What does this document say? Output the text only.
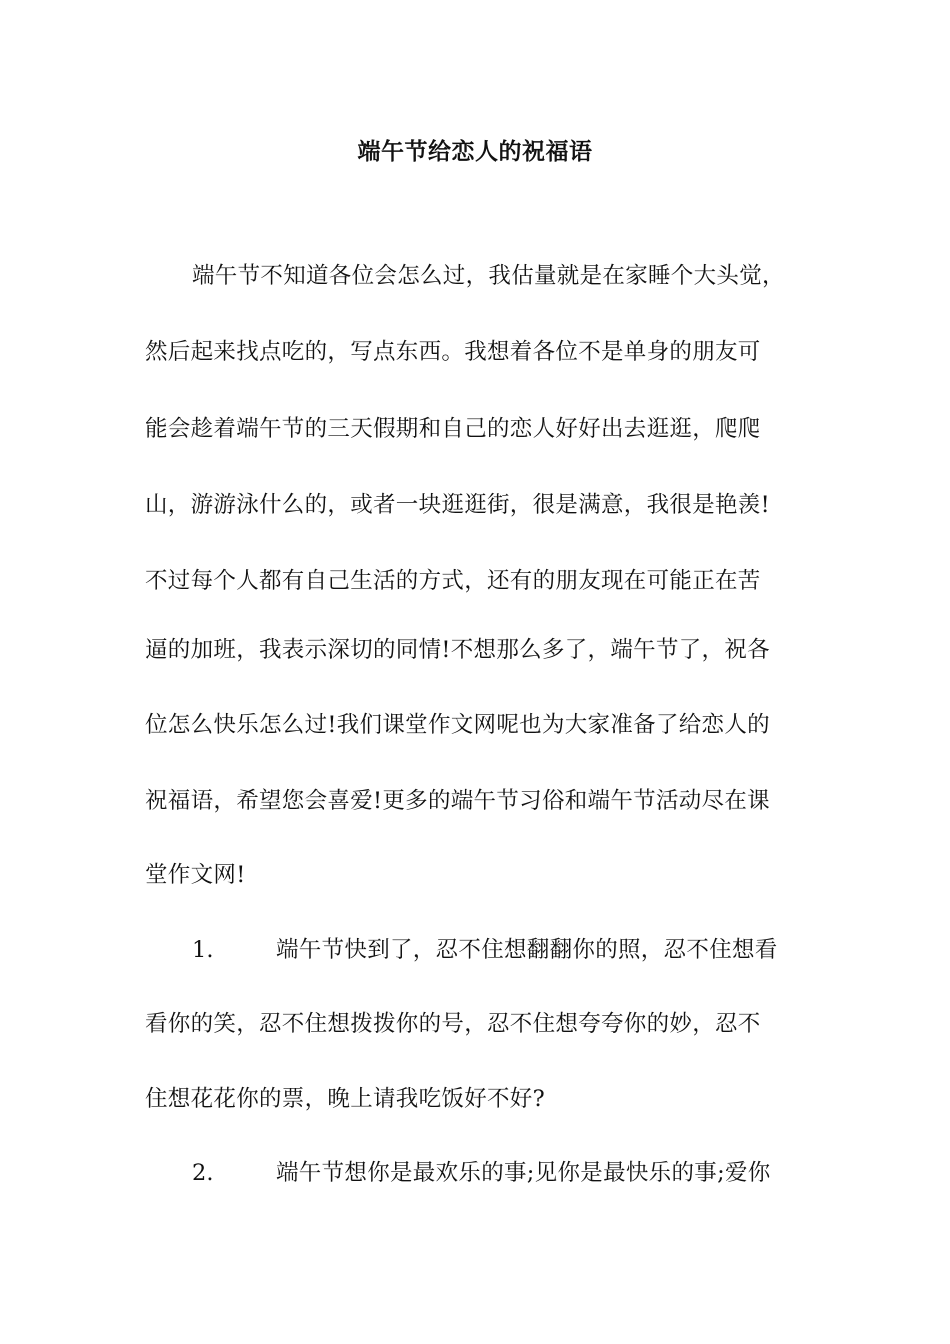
端午节给恋人的祝福语
端午节不知道各位会怎么过，我估量就是在家睡个大头觉，
然后起来找点吃的，写点东西。我想着各位不是单身的朋友可
能会趁着端午节的三天假期和自己的恋人好好出去逛逛，爬爬
山，游游泳什么的，或者一块逛逛街，很是满意，我很是艳羡!
不过每个人都有自己生活的方式，还有的朋友现在可能正在苦
逼的加班，我表示深切的同情!不想那么多了，端午节了，祝各
位怎么快乐怎么过!我们课堂作文网呢也为大家准备了给恋人的
祝福语，希望您会喜爱!更多的端午节习俗和端午节活动尽在课
堂作文网!
1.	端午节快到了，忍不住想翻翻你的照，忍不住想看
看你的笑，忍不住想拨拨你的号，忍不住想夸夸你的妙，忍不
住想花花你的票，晚上请我吃饭好不好?
2.	端午节想你是最欢乐的事;见你是最快乐的事;爱你
